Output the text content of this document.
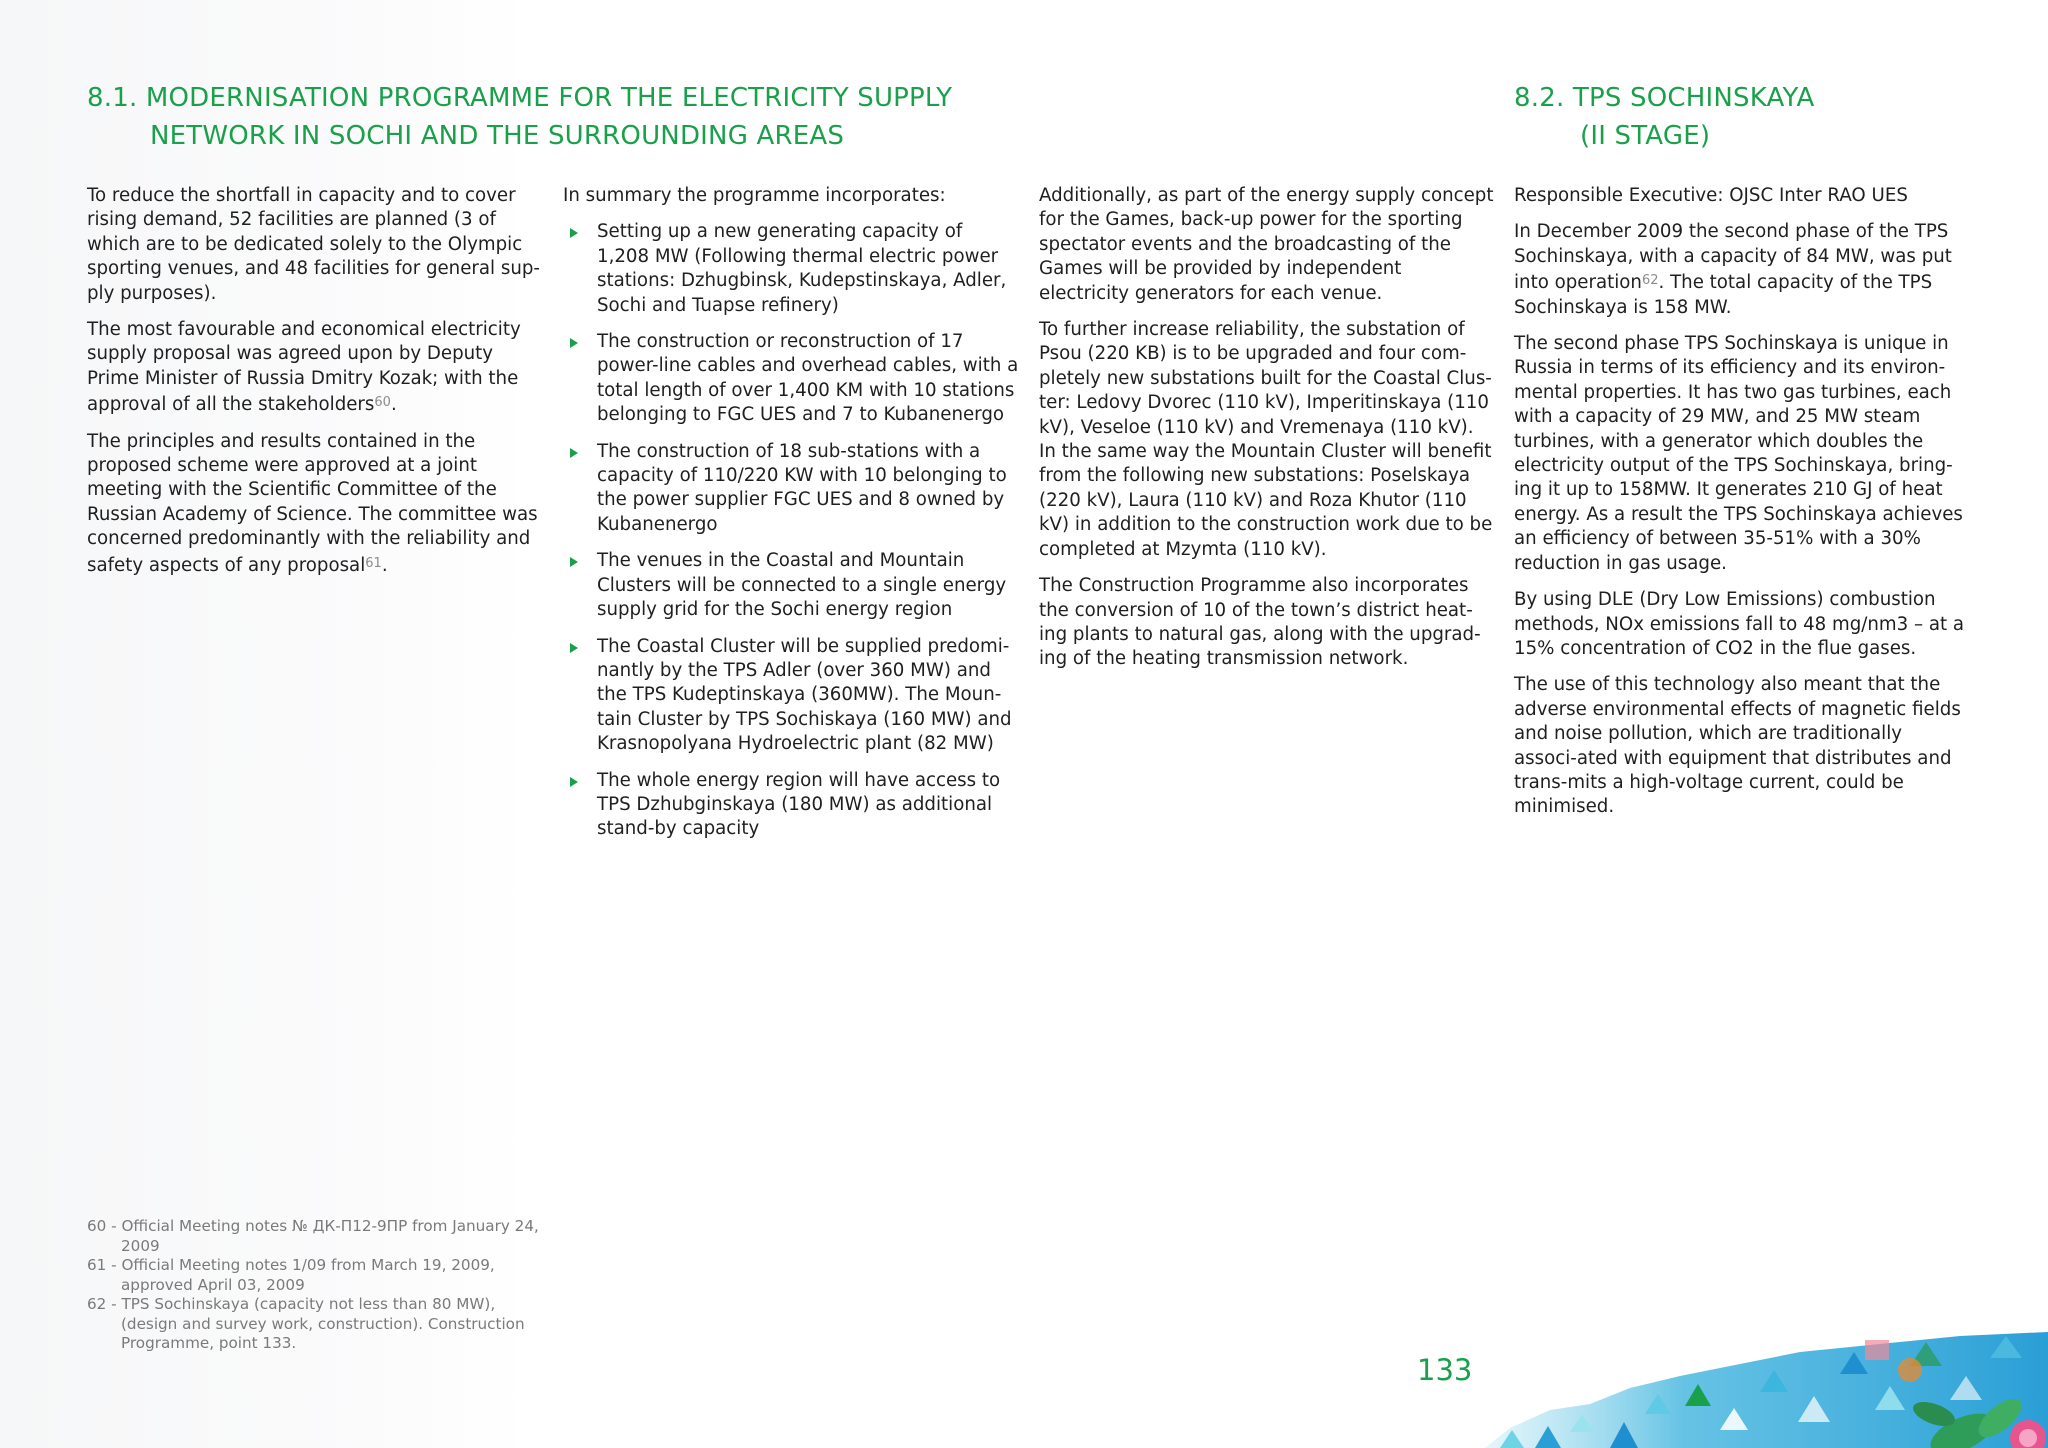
8.1. MODERNISATION PROGRAMME FOR THE ELECTRICITY SUPPLY
NETWORK IN SOCHI AND THE SURROUNDING AREAS
8.2. TPS SOCHINSKAYA
(II STAGE)

To reduce the shortfall in capacity and to cover rising demand, 52 facilities are planned (3 of which are to be dedicated solely to the Olympic sporting venues, and 48 facilities for general sup-ply purposes).

The most favourable and economical electricity supply proposal was agreed upon by Deputy Prime Minister of Russia Dmitry Kozak; with the approval of all the stakeholders$^{60}$.

The principles and results contained in the proposed scheme were approved at a joint meeting with the Scientific Committee of the Russian Academy of Science. The committee was concerned predominantly with the reliability and safety aspects of any proposal$^{61}$.

In summary the programme incorporates:

Setting up a new generating capacity of 1,208 MW (Following thermal electric power stations: Dzhugbinsk, Kudepstinskaya, Adler, Sochi and Tuapse refinery)
The construction or reconstruction of 17 power-line cables and overhead cables, with a total length of over 1,400 KM with 10 stations belonging to FGC UES and 7 to Kubanenergo
The construction of 18 sub-stations with a capacity of 110/220 KW with 10 belonging to the power supplier FGC UES and 8 owned by Kubanenergo
The venues in the Coastal and Mountain Clusters will be connected to a single energy supply grid for the Sochi energy region
The Coastal Cluster will be supplied predomi-nantly by the TPS Adler (over 360 MW) and the TPS Kudeptinskaya (360MW). The Moun-tain Cluster by TPS Sochiskaya (160 MW) and Krasnopolyana Hydroelectric plant (82 MW)
The whole energy region will have access to TPS Dzhubginskaya (180 MW) as additional stand-by capacity

Additionally, as part of the energy supply concept for the Games, back-up power for the sporting spectator events and the broadcasting of the Games will be provided by independent electricity generators for each venue.

To further increase reliability, the substation of Psou (220 KB) is to be upgraded and four com-pletely new substations built for the Coastal Clus-ter: Ledovy Dvorec (110 kV), Imperitinskaya (110 kV), Veseloe (110 kV) and Vremenaya (110 kV). In the same way the Mountain Cluster will benefit from the following new substations: Poselskaya (220 kV), Laura (110 kV) and Roza Khutor (110 kV) in addition to the construction work due to be completed at Mzymta (110 kV).

The Construction Programme also incorporates the conversion of 10 of the town’s district heat-ing plants to natural gas, along with the upgrad-ing of the heating transmission network.

Responsible Executive: OJSC Inter RAO UES

In December 2009 the second phase of the TPS Sochinskaya, with a capacity of 84 MW, was put into operation$^{62}$. The total capacity of the TPS Sochinskaya is 158 MW.

The second phase TPS Sochinskaya is unique in Russia in terms of its efficiency and its environ-mental properties. It has two gas turbines, each with a capacity of 29 MW, and 25 MW steam turbines, with a generator which doubles the electricity output of the TPS Sochinskaya, bring-ing it up to 158MW. It generates 210 GJ of heat energy. As a result the TPS Sochinskaya achieves an efficiency of between 35-51% with a 30% reduction in gas usage.

By using DLE (Dry Low Emissions) combustion methods, NOx emissions fall to 48 mg/nm3 – at a 15% concentration of CO2 in the flue gases.

The use of this technology also meant that the adverse environmental effects of magnetic fields and noise pollution, which are traditionally associ-ated with equipment that distributes and trans-mits a high-voltage current, could be minimised.

60 - Official Meeting notes № ДК-П12-9ПР from January 24, 2009
61 - Official Meeting notes 1/09 from March 19, 2009, approved April 03, 2009
62 - TPS Sochinskaya (capacity not less than 80 MW), (design and survey work, construction). Construction Programme, point 133.
133
